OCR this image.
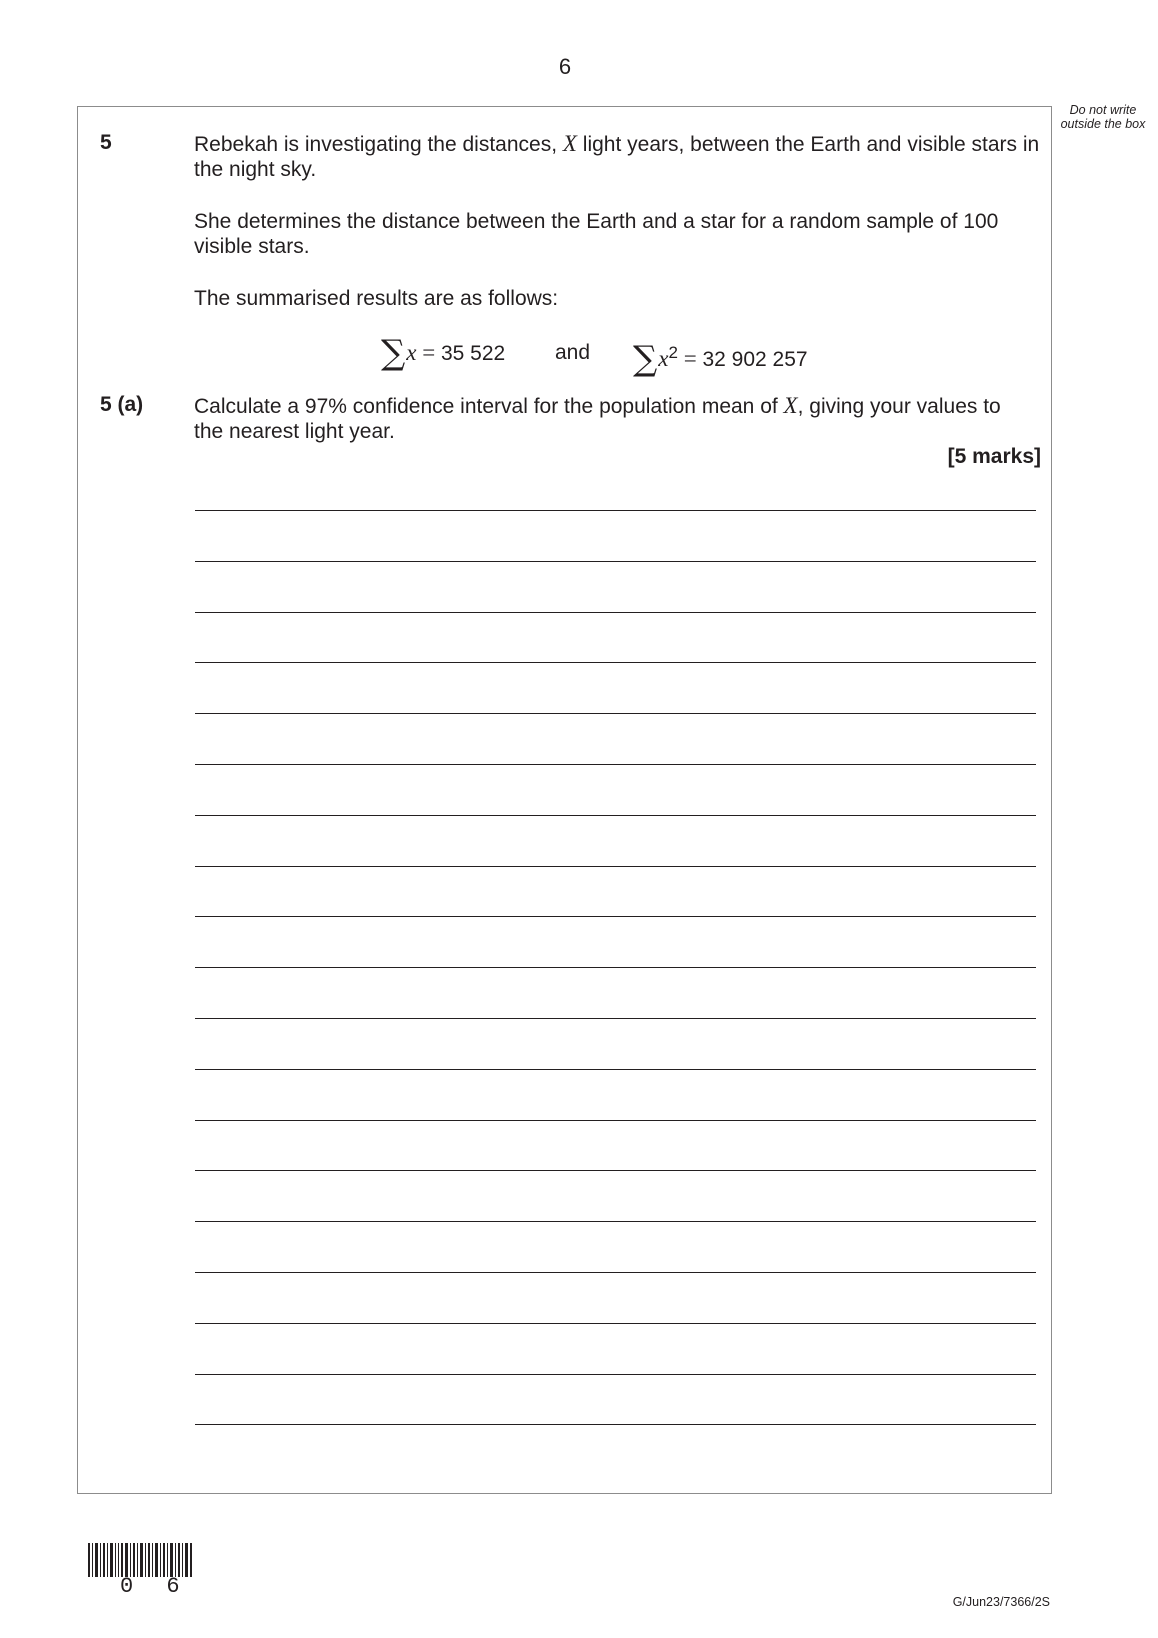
6
Do not write outside the box
5	Rebekah is investigating the distances, X light years, between the Earth and visible stars in the night sky.
She determines the distance between the Earth and a star for a random sample of 100 visible stars.
The summarised results are as follows:
∑x = 35 522 and $\sum x^2 = 32$ 902 257
5 (a) Calculate a 97% confidence interval for the population mean of X, giving your values to the nearest light year.
[5 marks]
0 6
G/Jun23/7366/2S
